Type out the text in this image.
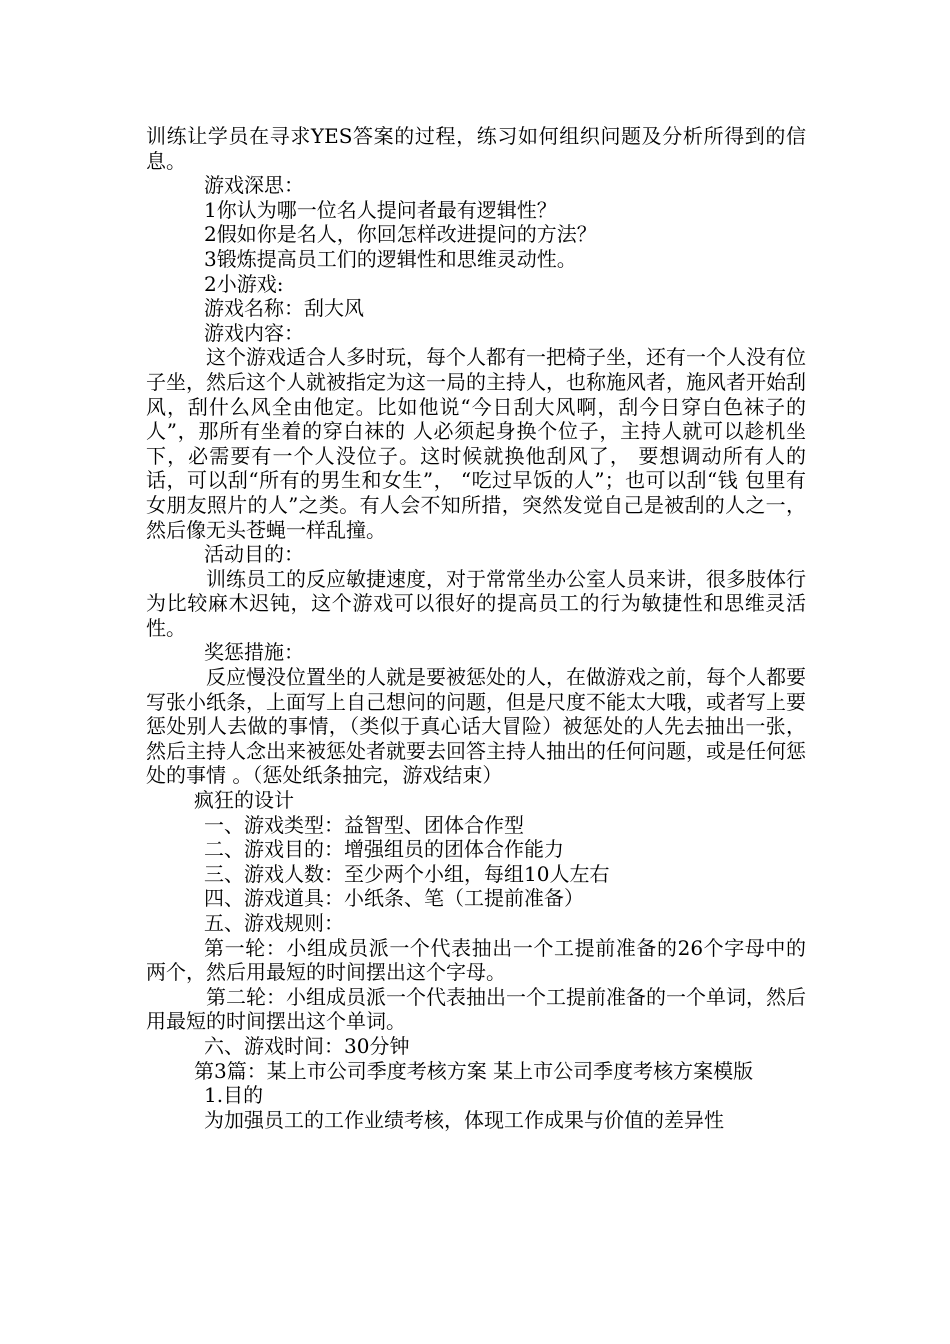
训练让学员在寻求YES答案的过程，练习如何组织问题及分析所得到的信息。

游戏深思：

1你认为哪一位名人提问者最有逻辑性？

2假如你是名人，你回怎样改进提问的方法？

3锻炼提高员工们的逻辑性和思维灵动性。

2小游戏:

游戏名称：刮大风

游戏内容：

这个游戏适合人多时玩，每个人都有一把椅子坐，还有一个人没有位子坐，然后这个人就被指定为这一局的主持人，也称施风者，施风者开始刮风，刮什么风全由他定。比如他说“今日刮大风啊，刮今日穿白色袜子的人”，那所有坐着的穿白袜的 人必须起身换个位子，主持人就可以趁机坐下，必需要有一个人没位子。这时候就换他刮风了， 要想调动所有人的话，可以刮“所有的男生和女生”， “吃过早饭的人”；也可以刮“钱 包里有女朋友照片的人”之类。有人会不知所措，突然发觉自己是被刮的人之一，然后像无头苍蝇一样乱撞。

活动目的：

训练员工的反应敏捷速度，对于常常坐办公室人员来讲，很多肢体行为比较麻木迟钝，这个游戏可以很好的提高员工的行为敏捷性和思维灵活性。

奖惩措施：

反应慢没位置坐的人就是要被惩处的人，在做游戏之前，每个人都要写张小纸条，上面写上自己想问的问题，但是尺度不能太大哦，或者写上要惩处别人去做的事情，（类似于真心话大冒险）被惩处的人先去抽出一张，然后主持人念出来被惩处者就要去回答主持人抽出的任何问题，或是任何惩处的事情 。（惩处纸条抽完，游戏结束）

疯狂的设计

一、游戏类型：益智型、团体合作型

二、游戏目的：增强组员的团体合作能力

三、游戏人数：至少两个小组，每组10人左右

四、游戏道具：小纸条、笔（工提前准备）

五、游戏规则：

第一轮：小组成员派一个代表抽出一个工提前准备的26个字母中的两个，然后用最短的时间摆出这个字母。

第二轮：小组成员派一个代表抽出一个工提前准备的一个单词，然后用最短的时间摆出这个单词。

六、游戏时间：30分钟

第3篇：某上市公司季度考核方案 某上市公司季度考核方案模版

1.目的

为加强员工的工作业绩考核，体现工作成果与价值的差异性
